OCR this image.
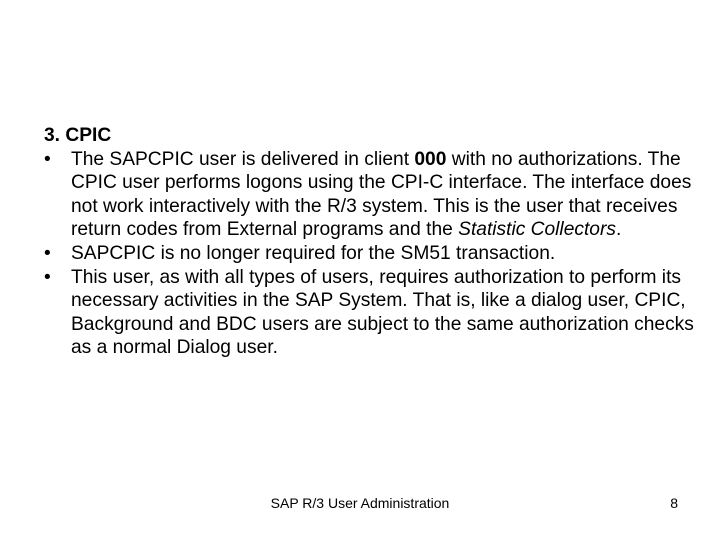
3. CPIC

• The SAPCPIC user is delivered in client 000 with no authorizations. The CPIC user performs logons using the CPI-C interface. The interface does not work interactively with the R/3 system. This is the user that receives return codes from External programs and the Statistic Collectors.
• SAPCPIC is no longer required for the SM51 transaction.
• This user, as with all types of users, requires authorization to perform its necessary activities in the SAP System. That is, like a dialog user, CPIC, Background and BDC users are subject to the same authorization checks as a normal Dialog user.
SAP R/3 User Administration	8
